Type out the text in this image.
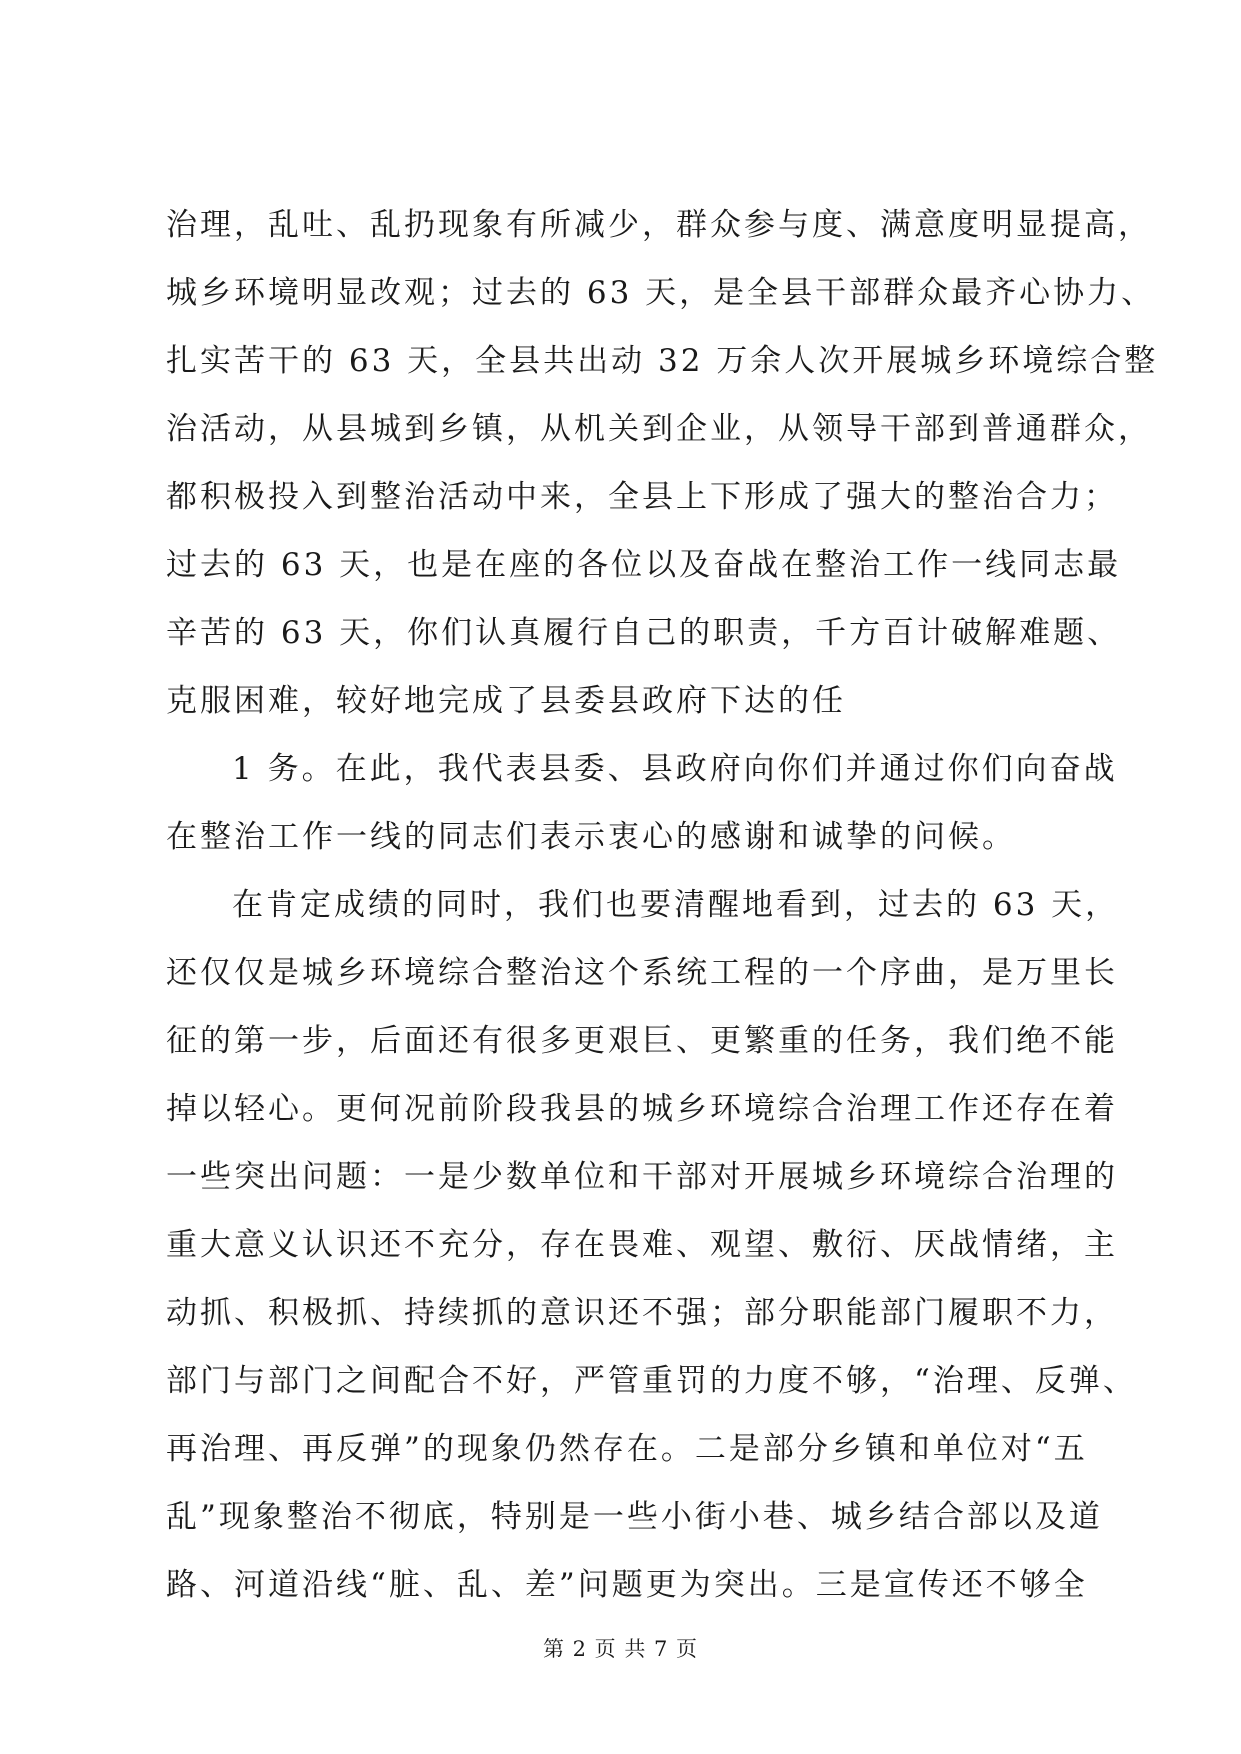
治理，乱吐、乱扔现象有所减少，群众参与度、满意度明显提高，
城乡环境明显改观；过去的 63 天，是全县干部群众最齐心协力、
扎实苦干的 63 天，全县共出动 32 万余人次开展城乡环境综合整
治活动，从县城到乡镇，从机关到企业，从领导干部到普通群众，
都积极投入到整治活动中来，全县上下形成了强大的整治合力；
过去的 63 天，也是在座的各位以及奋战在整治工作一线同志最
辛苦的 63 天，你们认真履行自己的职责，千方百计破解难题、
克服困难，较好地完成了县委县政府下达的任
1 务。在此，我代表县委、县政府向你们并通过你们向奋战
在整治工作一线的同志们表示衷心的感谢和诚挚的问候。
在肯定成绩的同时，我们也要清醒地看到，过去的 63 天，
还仅仅是城乡环境综合整治这个系统工程的一个序曲，是万里长
征的第一步，后面还有很多更艰巨、更繁重的任务，我们绝不能
掉以轻心。更何况前阶段我县的城乡环境综合治理工作还存在着
一些突出问题：一是少数单位和干部对开展城乡环境综合治理的
重大意义认识还不充分，存在畏难、观望、敷衍、厌战情绪，主
动抓、积极抓、持续抓的意识还不强；部分职能部门履职不力，
部门与部门之间配合不好，严管重罚的力度不够，“治理、反弹、
再治理、再反弹”的现象仍然存在。二是部分乡镇和单位对“五
乱”现象整治不彻底，特别是一些小街小巷、城乡结合部以及道
路、河道沿线“脏、乱、差”问题更为突出。三是宣传还不够全
第 2 页 共 7 页
